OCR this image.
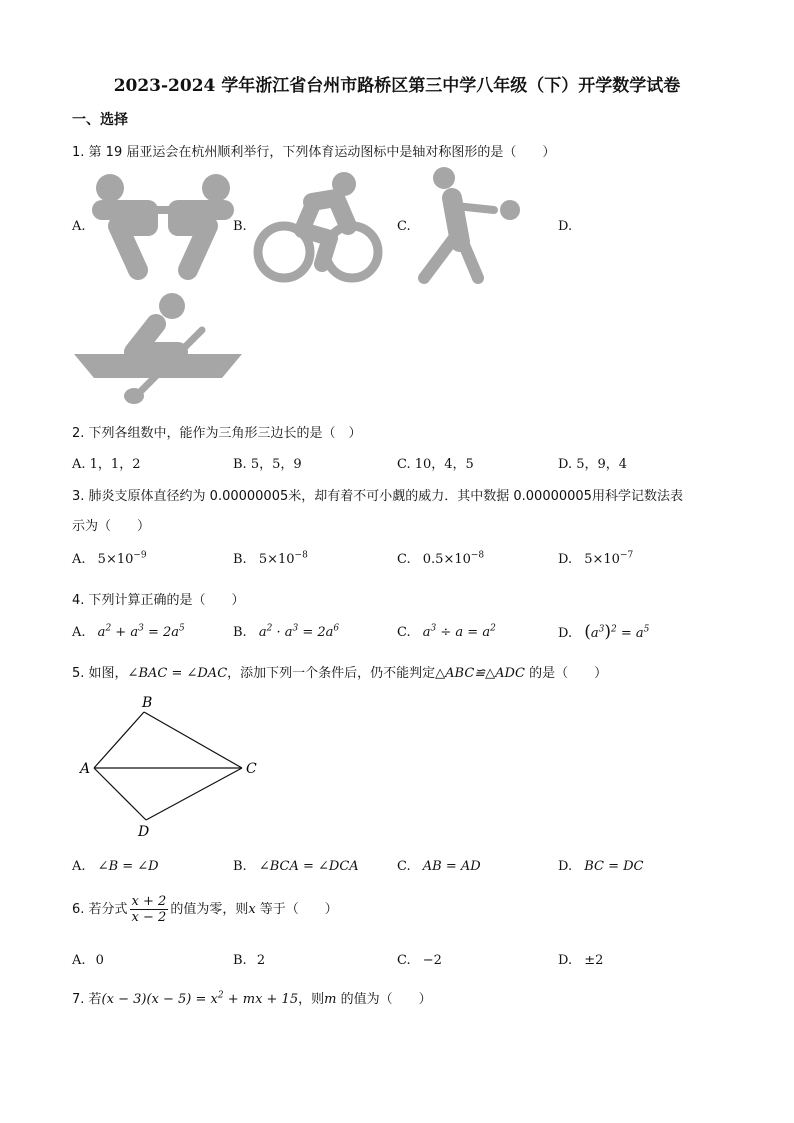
2023-2024 学年浙江省台州市路桥区第三中学八年级（下）开学数学试卷
一、选择
1. 第 19 届亚运会在杭州顺利举行，下列体育运动图标中是轴对称图形的是（　　）
A.	B.	C.	D.
2. 下列各组数中，能作为三角形三边长的是（　）
A. 1，1，2	B. 5，5，9	C. 10，4，5	D. 5，9，4
3. 肺炎支原体直径约为 0.00000005米，却有着不可小觑的威力．其中数据 0.00000005用科学记数法表
示为（　　）
A. $5\times 10^{-9}$	B. $5\times 10^{-8}$	C. $0.5\times 10^{-8}$	D. $5\times 10^{-7}$
4. 下列计算正确的是（　　）
A. $a^2 + a^3 = 2a^5$	B. $a^2 \cdot a^3 = 2a^6$	C. $a^3 \div a = a^2$	D. $(a^3)^2 = a^5$
5. 如图，∠BAC = ∠DAC，添加下列一个条件后，仍不能判定△ABC≌△ADC 的是（　　）
B
A	C
D
A. ∠B = ∠D	B. ∠BCA = ∠DCA	C. AB = AD	D. BC = DC
6. 若分式 $\frac{x + 2}{x - 2}$ 的值为零，则x 等于（　　）
A. 0	B. 2	C. −2	D. ±2
7. 若$(x - 3)(x - 5) = x^2$ + mx + 15，则m 的值为（　　）
